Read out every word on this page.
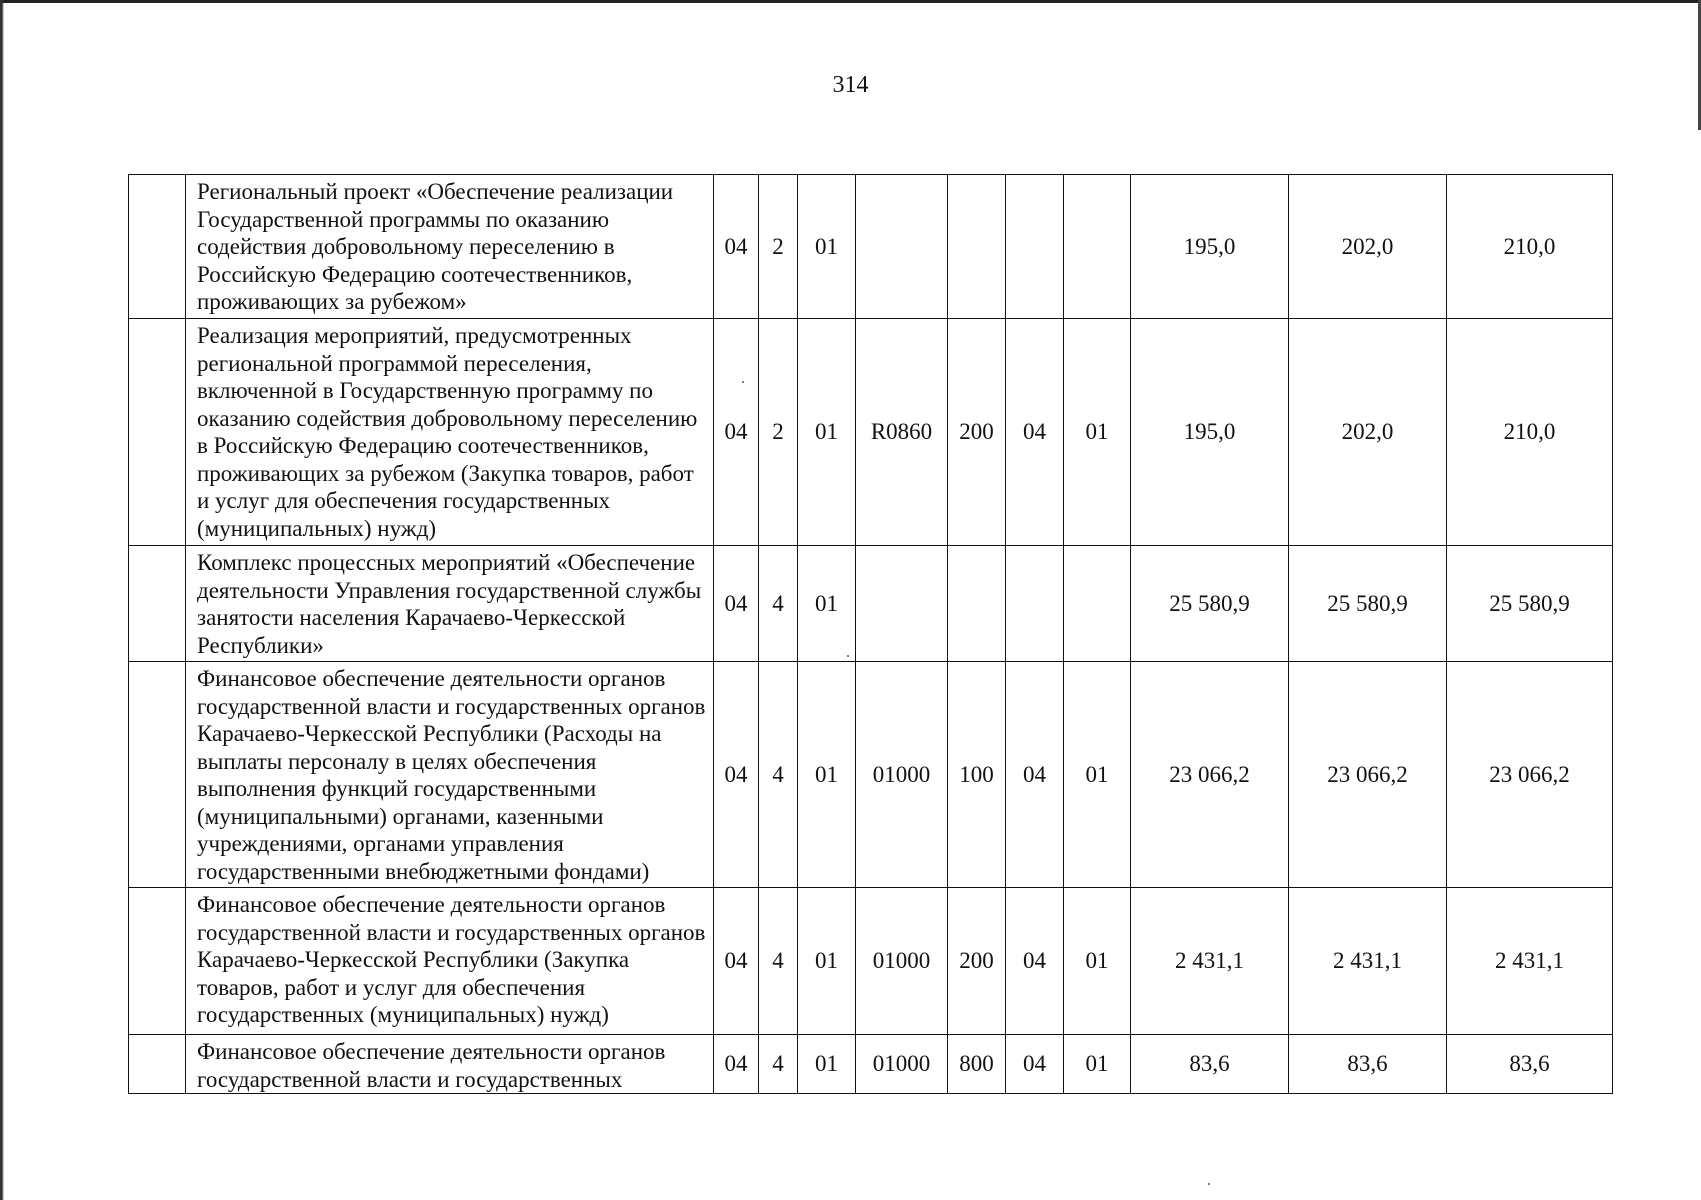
314
	Региональный проект «Обеспечение реализации Государственной программы по оказанию содействия добровольному переселению в Российскую Федерацию соотечественников, проживающих за рубежом»	04	2	01					195,0	202,0	210,0
	Реализация мероприятий, предусмотренных региональной программой переселения, включенной в Государственную программу по оказанию содействия добровольному переселению в Российскую Федерацию соотечественников, проживающих за рубежом (Закупка товаров, работ и услуг для обеспечения государственных (муниципальных) нужд)	04	2	01	R0860	200	04	01	195,0	202,0	210,0
	Комплекс процессных мероприятий «Обеспечение деятельности Управления государственной службы занятости населения Карачаево-Черкесской Республики»	04	4	01					25 580,9	25 580,9	25 580,9
	Финансовое обеспечение деятельности органов государственной власти и государственных органов Карачаево-Черкесской Республики (Расходы на выплаты персоналу в целях обеспечения выполнения функций государственными (муниципальными) органами, казенными учреждениями, органами управления государственными внебюджетными фондами)	04	4	01	01000	100	04	01	23 066,2	23 066,2	23 066,2
	Финансовое обеспечение деятельности органов государственной власти и государственных органов Карачаево-Черкесской Республики (Закупка товаров, работ и услуг для обеспечения государственных (муниципальных) нужд)	04	4	01	01000	200	04	01	2 431,1	2 431,1	2 431,1
	Финансовое обеспечение деятельности органов государственной власти и государственных	04	4	01	01000	800	04	01	83,6	83,6	83,6
